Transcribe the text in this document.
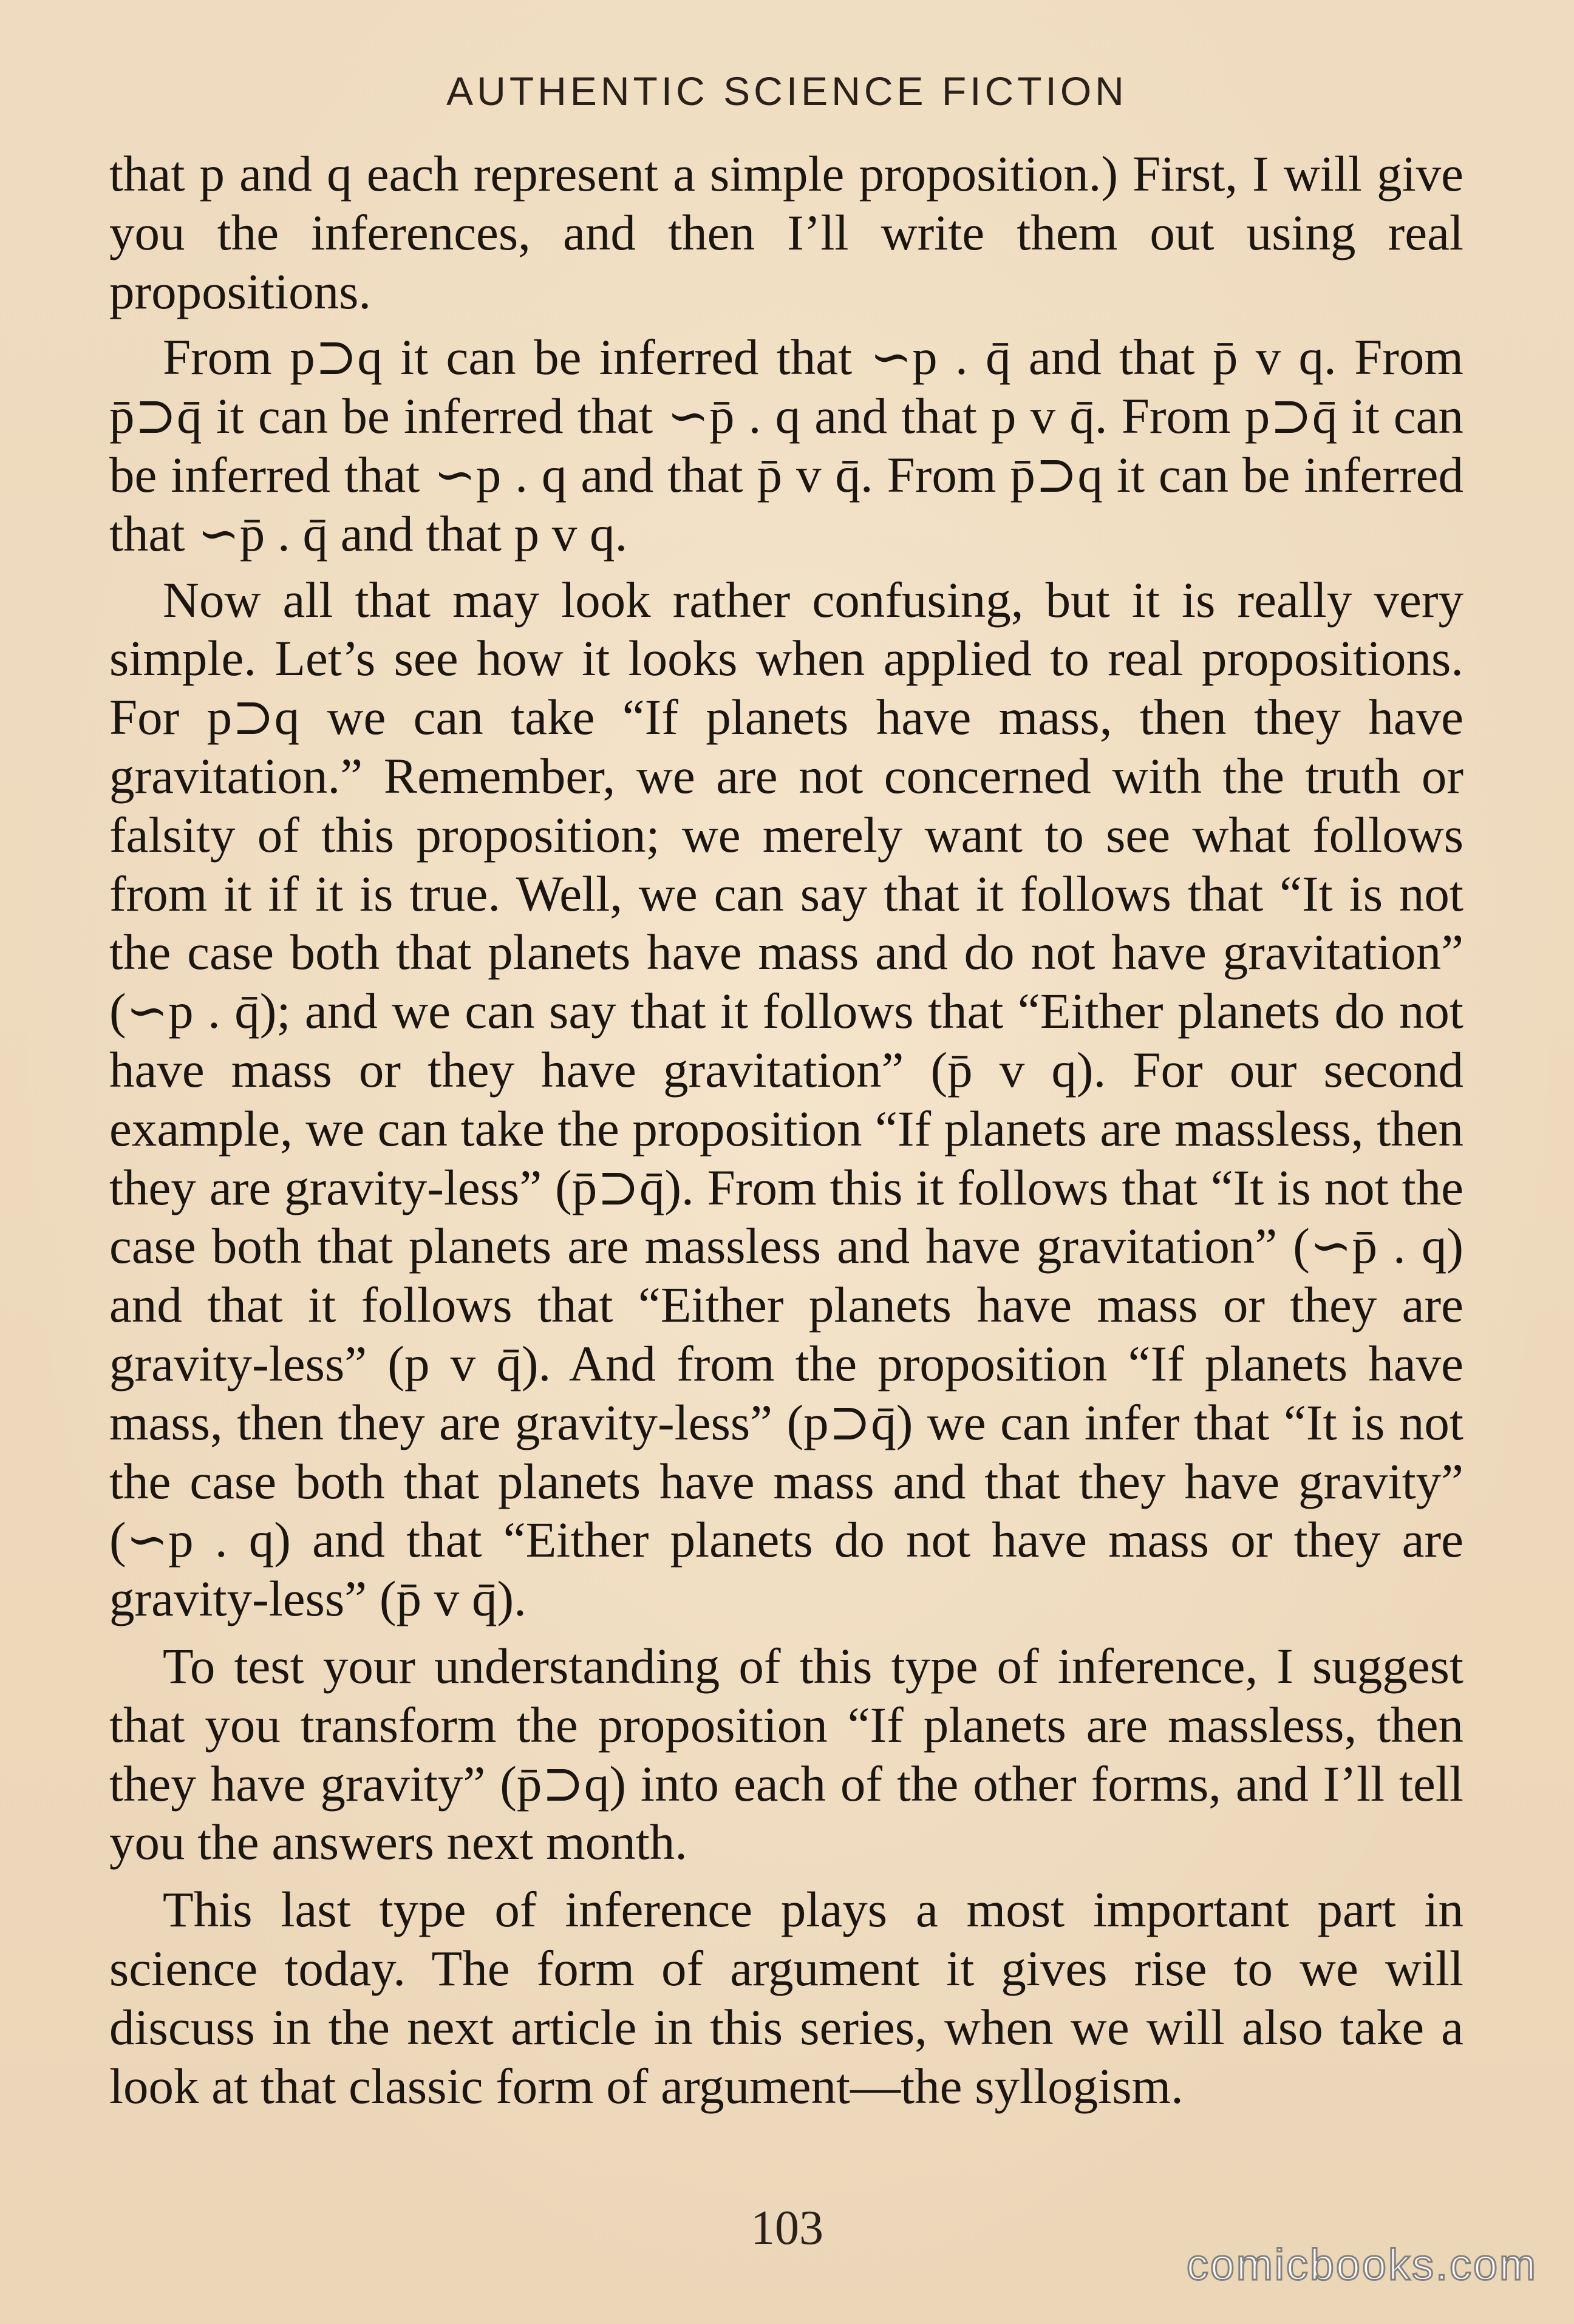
AUTHENTIC SCIENCE FICTION

that p and q each represent a simple proposition.) First, I will give you the inferences, and then I’ll write them out using real propositions.

From p⊃q it can be inferred that ∽p . q̄ and that p̄ v q. From p̄⊃q̄ it can be inferred that ∽p̄ . q and that p v q̄. From p⊃q̄ it can be inferred that ∽p . q and that p̄ v q̄. From p̄⊃q it can be inferred that ∽p̄ . q̄ and that p v q.

Now all that may look rather confusing, but it is really very simple. Let’s see how it looks when applied to real propositions. For p⊃q we can take “If planets have mass, then they have gravitation.” Remember, we are not concerned with the truth or falsity of this proposition; we merely want to see what follows from it if it is true. Well, we can say that it follows that “It is not the case both that planets have mass and do not have gravitation” (∽p . q̄); and we can say that it follows that “Either planets do not have mass or they have gravitation” (p̄ v q). For our second example, we can take the proposition “If planets are massless, then they are gravity-less” (p̄⊃q̄). From this it follows that “It is not the case both that planets are massless and have gravitation” (∽p̄ . q) and that it follows that “Either planets have mass or they are gravity-less” (p v q̄). And from the proposition “If planets have mass, then they are gravity-less” (p⊃q̄) we can infer that “It is not the case both that planets have mass and that they have gravity” (∽p . q) and that “Either planets do not have mass or they are gravity-less” (p̄ v q̄).

To test your understanding of this type of inference, I suggest that you transform the proposition “If planets are massless, then they have gravity” (p̄⊃q) into each of the other forms, and I’ll tell you the answers next month.

This last type of inference plays a most important part in science today. The form of argument it gives rise to we will discuss in the next article in this series, when we will also take a look at that classic form of argument—the syllogism.

103
comicbooks.com
